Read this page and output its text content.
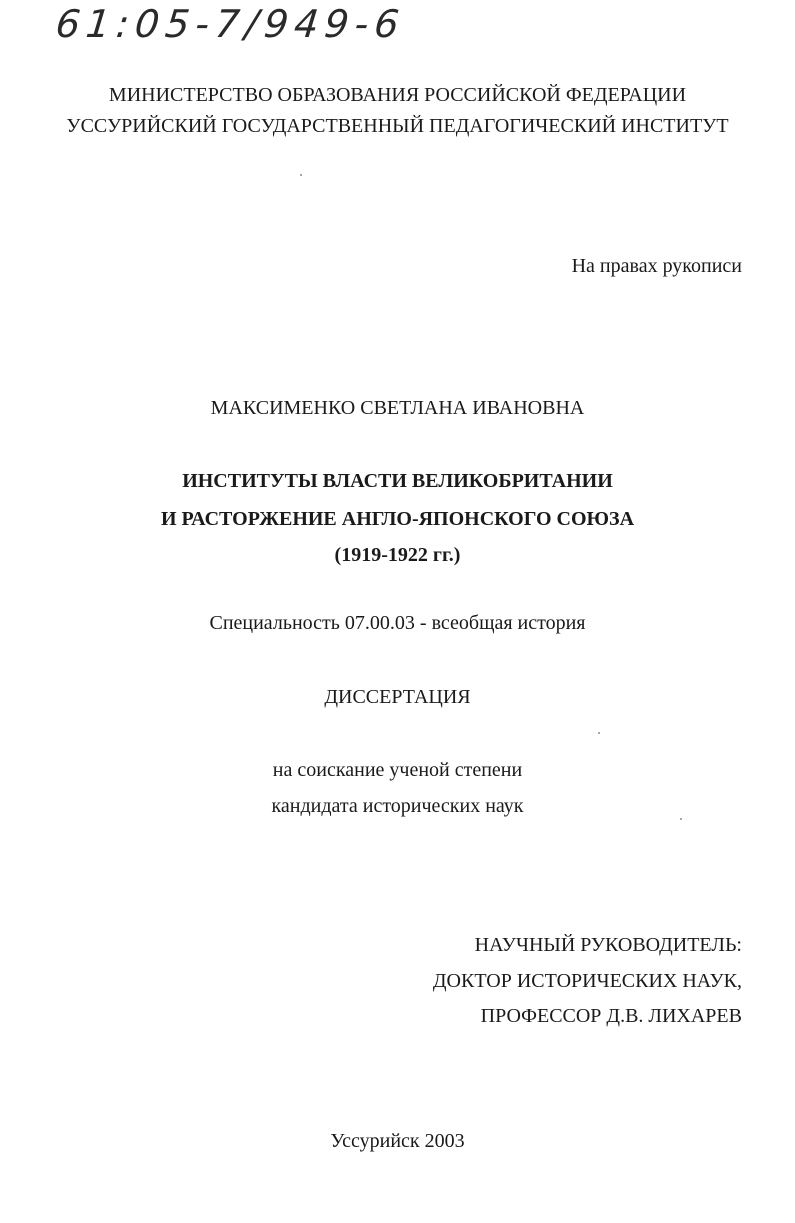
61:05-7/949-6
МИНИСТЕРСТВО ОБРАЗОВАНИЯ РОССИЙСКОЙ ФЕДЕРАЦИИ
УССУРИЙСКИЙ ГОСУДАРСТВЕННЫЙ ПЕДАГОГИЧЕСКИЙ ИНСТИТУТ
На правах рукописи
МАКСИМЕНКО СВЕТЛАНА ИВАНОВНА
ИНСТИТУТЫ ВЛАСТИ ВЕЛИКОБРИТАНИИ
И РАСТОРЖЕНИЕ АНГЛО-ЯПОНСКОГО СОЮЗА
(1919-1922 гг.)
Специальность 07.00.03 - всеобщая история
ДИССЕРТАЦИЯ
на соискание ученой степени
кандидата исторических наук
НАУЧНЫЙ РУКОВОДИТЕЛЬ:
ДОКТОР ИСТОРИЧЕСКИХ НАУК,
ПРОФЕССОР Д.В. ЛИХАРЕВ
Уссурийск 2003
